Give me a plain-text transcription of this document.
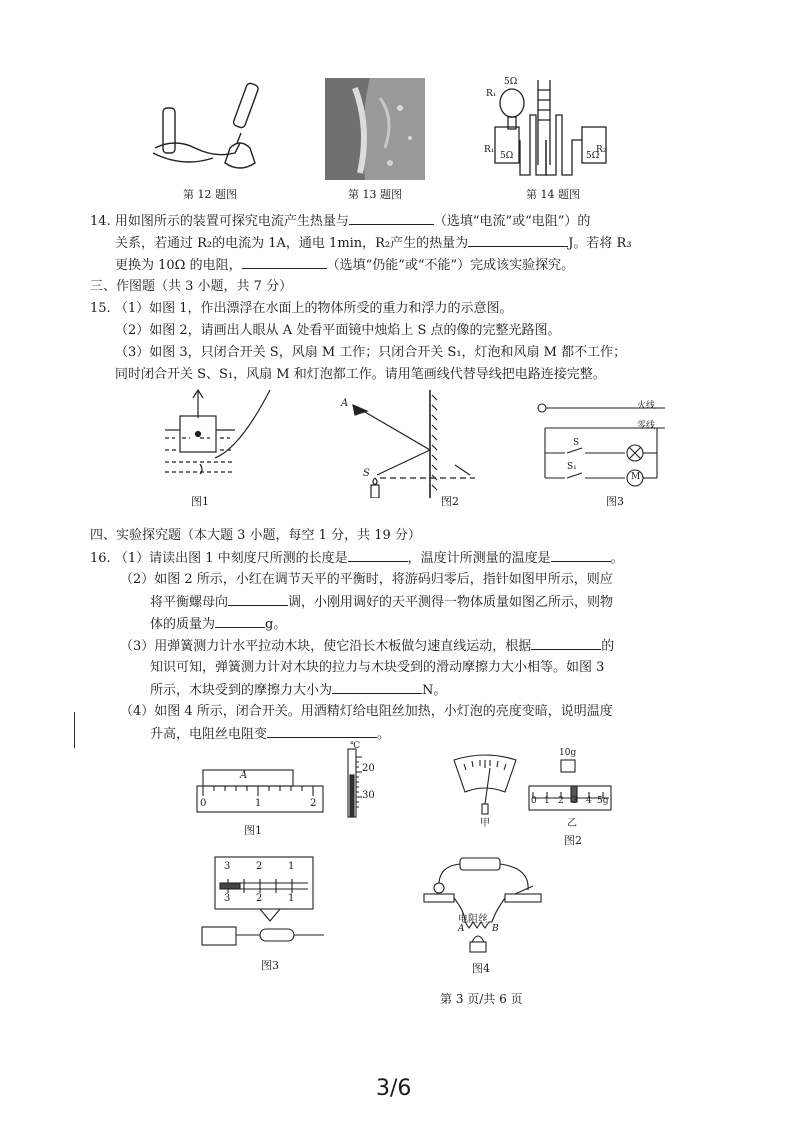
第 12 题图	第 13 题图
5Ω
R₁
R₁	R₂
5Ω	5Ω
第 14 题图
14. 用如图所示的装置可探究电流产生热量与	（选填“电流”或“电阻”）的
关系，若通过 R₂的电流为 1A，通电 1min，R₂产生的热量为	J。若将 R₃
更换为 10Ω 的电阻，	（选填“仍能”或“不能”）完成该实验探究。
三、作图题（共 3 小题，共 7 分）
15. （1）如图 1，作出漂浮在水面上的物体所受的重力和浮力的示意图。
（2）如图 2，请画出人眼从 A 处看平面镜中烛焰上 S 点的像的完整光路图。
（3）如图 3，只闭合开关 S，风扇 M 工作；只闭合开关 S₁，灯泡和风扇 M 都不工作；
同时闭合开关 S、S₁，风扇 M 和灯泡都工作。请用笔画线代替导线把电路连接完整。
图1
A
S
图2
火线
零线
S
S₁
M
图3
四、实验探究题（本大题 3 小题，每空 1 分，共 19 分）
16. （1）请读出图 1 中刻度尺所测的长度是	，温度计所测量的温度是	。
（2）如图 2 所示，小红在调节天平的平衡时，将游码归零后，指针如图甲所示，则应
将平衡螺母向	调，小刚用调好的天平测得一物体质量如图乙所示，则物
体的质量为	g。
（3）用弹簧测力计水平拉动木块，使它沿长木板做匀速直线运动，根据	的
知识可知，弹簧测力计对木块的拉力与木块受到的滑动摩擦力大小相等。如图 3
所示，木块受到的摩擦力大小为	N。
（4）如图 4 所示，闭合开关。用酒精灯给电阻丝加热，小灯泡的亮度变暗，说明温度
升高，电阻丝电阻变	。
A
0	1	2
℃
20
30
图1
甲
10g
0 1 2 3 4 5g
乙
图2
3	2	1
3	2	1
图3
电阻丝
A	B
图4
第 3 页/共 6 页
3/6
